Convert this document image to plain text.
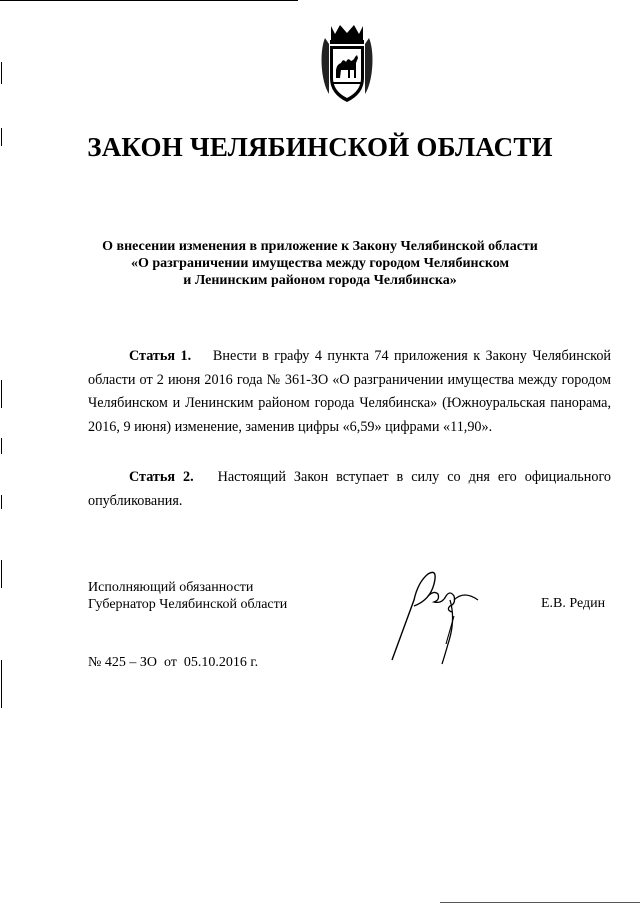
ЗАКОН ЧЕЛЯБИНСКОЙ ОБЛАСТИ
О внесении изменения в приложение к Закону Челябинской области
«О разграничении имущества между городом Челябинском
и Ленинским районом города Челябинска»
Статья 1. Внести в графу 4 пункта 74 приложения к Закону Челябинской области от 2 июня 2016 года № 361-ЗО «О разграничении имущества между городом Челябинском и Ленинским районом города Челябинска» (Южноуральская панорама, 2016, 9 июня) изменение, заменив цифры «6,59» цифрами «11,90».
Статья 2. Настоящий Закон вступает в силу со дня его официального опубликования.
Исполняющий обязанности
Губернатор Челябинской области	Е.В. Редин
№ 425 – ЗО  от  05.10.2016 г.
